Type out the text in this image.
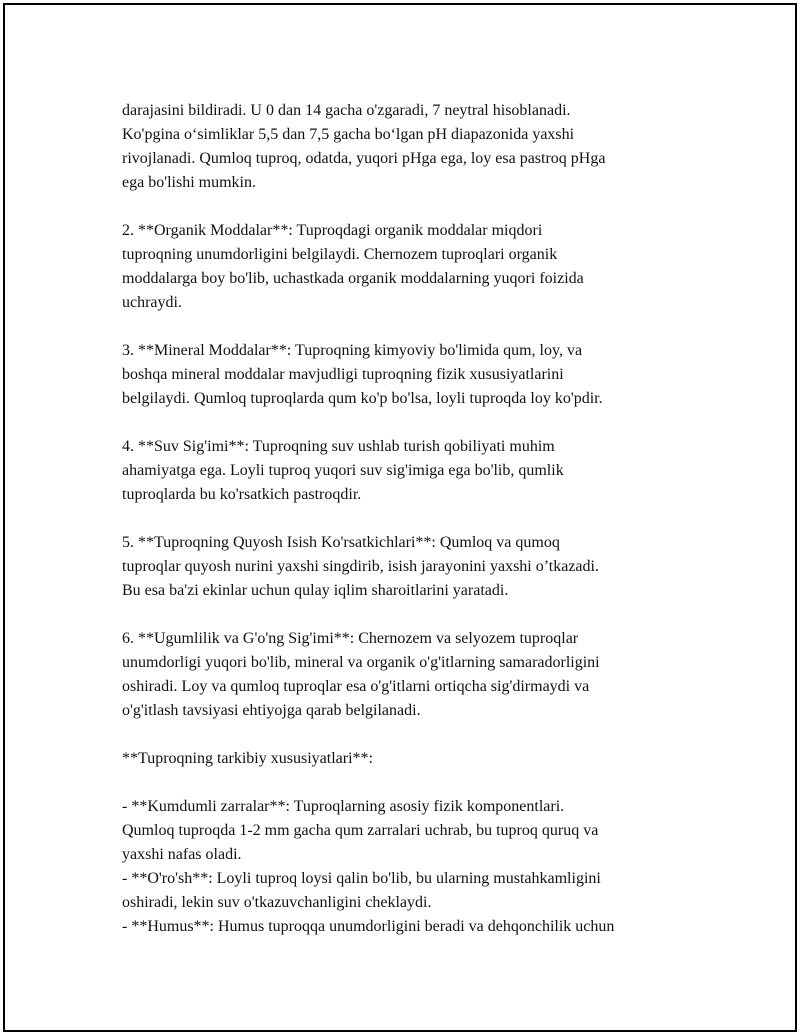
darajasini bildiradi. U 0 dan 14 gacha o'zgaradi, 7 neytral hisoblanadi.
Ko'pgina o‘simliklar 5,5 dan 7,5 gacha bo‘lgan pH diapazonida yaxshi
rivojlanadi. Qumloq tuproq, odatda, yuqori pHga ega, loy esa pastroq pHga
ega bo'lishi mumkin.
2. **Organik Moddalar**: Tuproqdagi organik moddalar miqdori
tuproqning unumdorligini belgilaydi. Chernozem tuproqlari organik
moddalarga boy bo'lib, uchastkada organik moddalarning yuqori foizida
uchraydi.
3. **Mineral Moddalar**: Tuproqning kimyoviy bo'limida qum, loy, va
boshqa mineral moddalar mavjudligi tuproqning fizik xususiyatlarini
belgilaydi. Qumloq tuproqlarda qum ko'p bo'lsa, loyli tuproqda loy ko'pdir.
4. **Suv Sig'imi**: Tuproqning suv ushlab turish qobiliyati muhim
ahamiyatga ega. Loyli tuproq yuqori suv sig'imiga ega bo'lib, qumlik
tuproqlarda bu ko'rsatkich pastroqdir.
5. **Tuproqning Quyosh Isish Ko'rsatkichlari**: Qumloq va qumoq
tuproqlar quyosh nurini yaxshi singdirib, isish jarayonini yaxshi o’tkazadi.
Bu esa ba'zi ekinlar uchun qulay iqlim sharoitlarini yaratadi.
6. **Ugumlilik va G'o'ng Sig'imi**: Chernozem va selyozem tuproqlar
unumdorligi yuqori bo'lib, mineral va organik o'g'itlarning samaradorligini
oshiradi. Loy va qumloq tuproqlar esa o'g'itlarni ortiqcha sig'dirmaydi va
o'g'itlash tavsiyasi ehtiyojga qarab belgilanadi.
**Tuproqning tarkibiy xususiyatlari**:
- **Kumdumli zarralar**: Tuproqlarning asosiy fizik komponentlari.
Qumloq tuproqda 1-2 mm gacha qum zarralari uchrab, bu tuproq quruq va
yaxshi nafas oladi.
- **O'ro'sh**: Loyli tuproq loysi qalin bo'lib, bu ularning mustahkamligini
oshiradi, lekin suv o'tkazuvchanligini cheklaydi.
- **Humus**: Humus tuproqqa unumdorligini beradi va dehqonchilik uchun
